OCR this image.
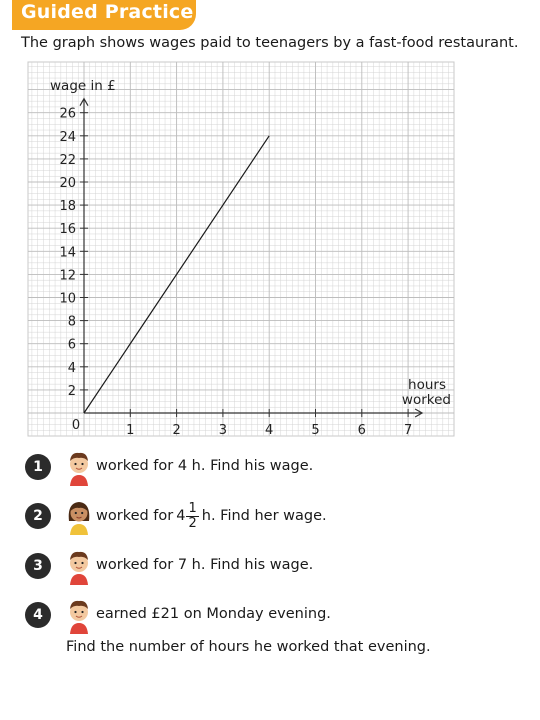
Guided Practice
The graph shows wages paid to teenagers by a fast-food restaurant.
2
4
6
8
10
12
14
16
18
20
22
24
26
1	2	3	4	5	6	7
0
wage in £
hours
worked
1	worked for 4 h. Find his wage.
2	worked for $4 \frac{1}{2} h$. Find her wage.
3	worked for 7 h. Find his wage.
4	earned £21 on Monday evening.
Find the number of hours he worked that evening.
